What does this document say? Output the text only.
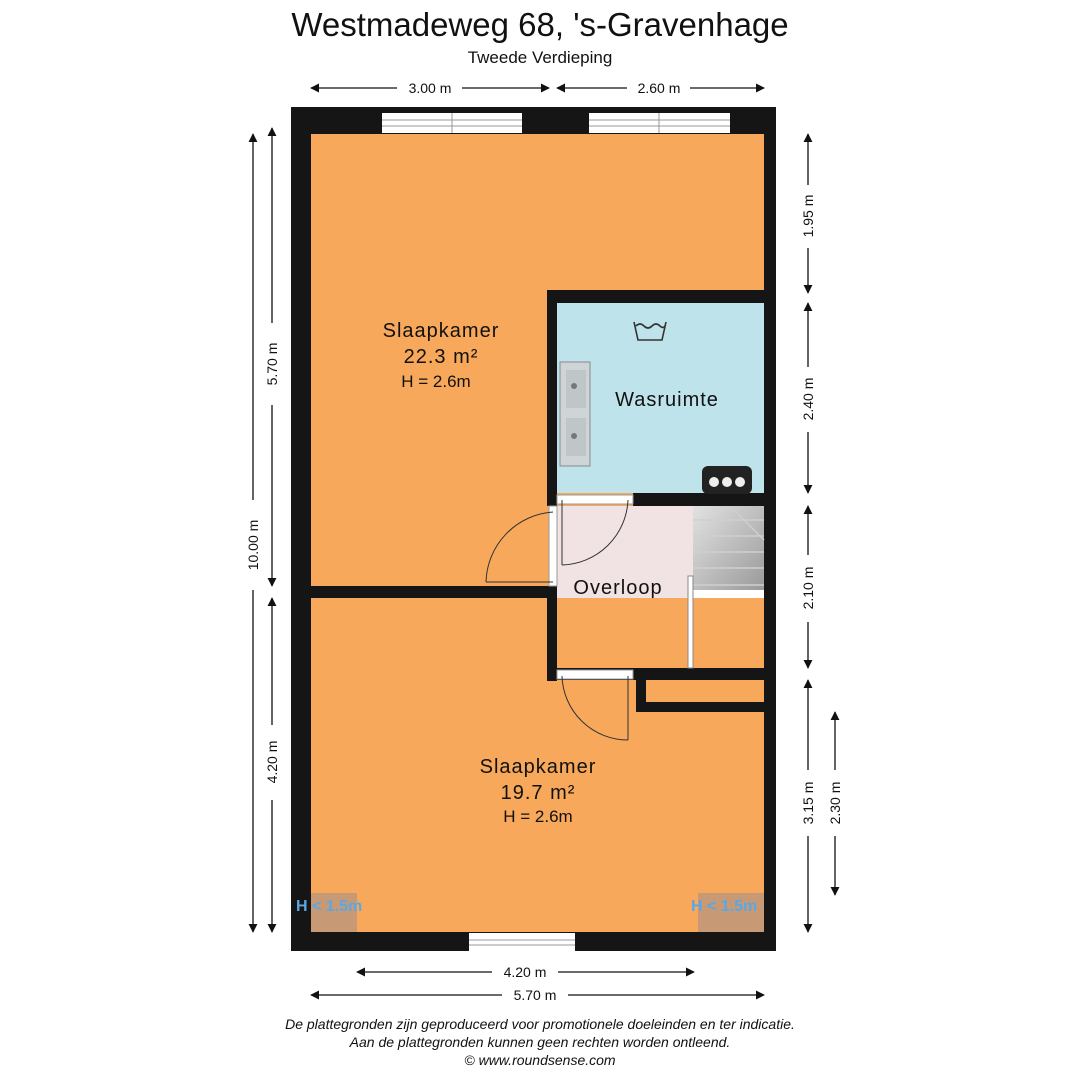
Westmadeweg 68, 's-Gravenhage
Tweede Verdieping
3.00 m	2.60 m
10.00 m
5.70 m
4.20 m
1.95 m
2.40 m
2.10 m
3.15 m 2.30 m
4.20 m
5.70 m
Slaapkamer
22.3 m²
H = 2.6m
Wasruimte
Overloop
Slaapkamer
19.7 m²
H = 2.6m
H < 1.5m	H < 1.5m
De plattegronden zijn geproduceerd voor promotionele doeleinden en ter indicatie.
Aan de plattegronden kunnen geen rechten worden ontleend.
© www.roundsense.com
